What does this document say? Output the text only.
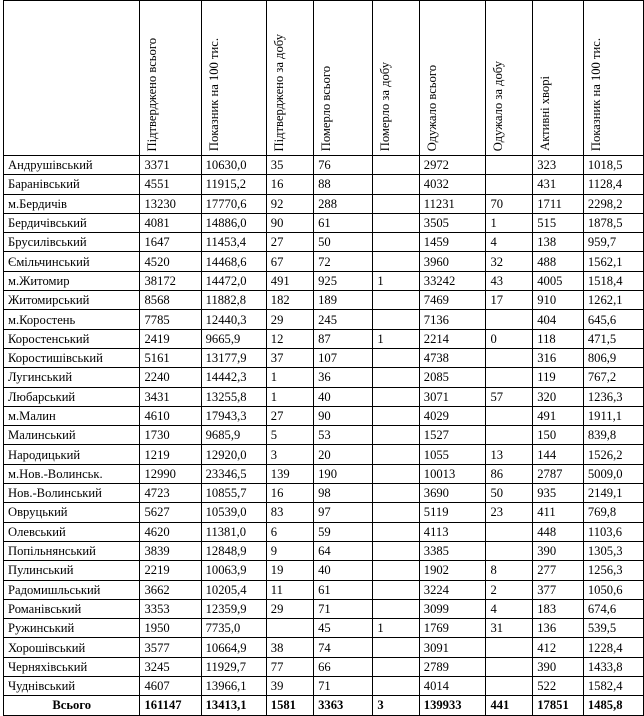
	Підтверджено всього	Показник на 100 тис.	Підтверджено за добу	Померло всього	Померло за добу	Одужало всього	Одужало за добу	Активні хворі	Показник на 100 тис.

Андрушівський	3371	10630,0	35	76		2972		323	1018,5
Баранівський	4551	11915,2	16	88		4032		431	1128,4
м.Бердичів	13230	17770,6	92	288		11231	70	1711	2298,2
Бердичівський	4081	14886,0	90	61		3505	1	515	1878,5
Брусилівський	1647	11453,4	27	50		1459	4	138	959,7
Ємільчинський	4520	14468,6	67	72		3960	32	488	1562,1
м.Житомир	38172	14472,0	491	925	1	33242	43	4005	1518,4
Житомирський	8568	11882,8	182	189		7469	17	910	1262,1
м.Коростень	7785	12440,3	29	245		7136		404	645,6
Коростенський	2419	9665,9	12	87	1	2214	0	118	471,5
Коростишівський	5161	13177,9	37	107		4738		316	806,9
Лугинський	2240	14442,3	1	36		2085		119	767,2
Любарський	3431	13255,8	1	40		3071	57	320	1236,3
м.Малин	4610	17943,3	27	90		4029		491	1911,1
Малинський	1730	9685,9	5	53		1527		150	839,8
Народицький	1219	12920,0	3	20		1055	13	144	1526,2
м.Нов.-Волинськ.	12990	23346,5	139	190		10013	86	2787	5009,0
Нов.-Волинський	4723	10855,7	16	98		3690	50	935	2149,1
Овруцький	5627	10539,0	83	97		5119	23	411	769,8
Олевський	4620	11381,0	6	59		4113		448	1103,6
Попільнянський	3839	12848,9	9	64		3385		390	1305,3
Пулинський	2219	10063,9	19	40		1902	8	277	1256,3
Радомишльський	3662	10205,4	11	61		3224	2	377	1050,6
Романівський	3353	12359,9	29	71		3099	4	183	674,6
Ружинський	1950	7735,0		45	1	1769	31	136	539,5
Хорошівський	3577	10664,9	38	74		3091		412	1228,4
Черняхівський	3245	11929,7	77	66		2789		390	1433,8
Чуднівський	4607	13966,1	39	71		4014		522	1582,4
Всього	161147	13413,1	1581	3363	3	139933	441	17851	1485,8
